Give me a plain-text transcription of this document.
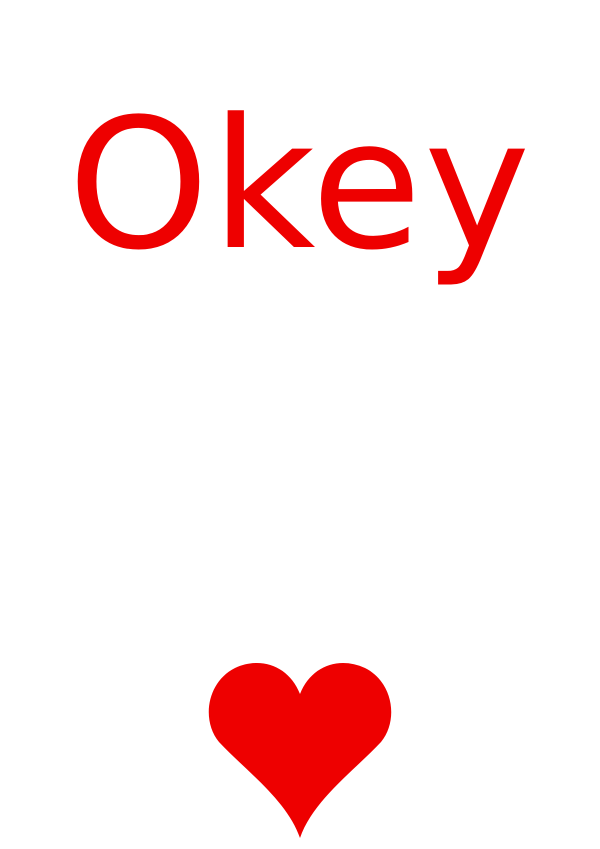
Okey
